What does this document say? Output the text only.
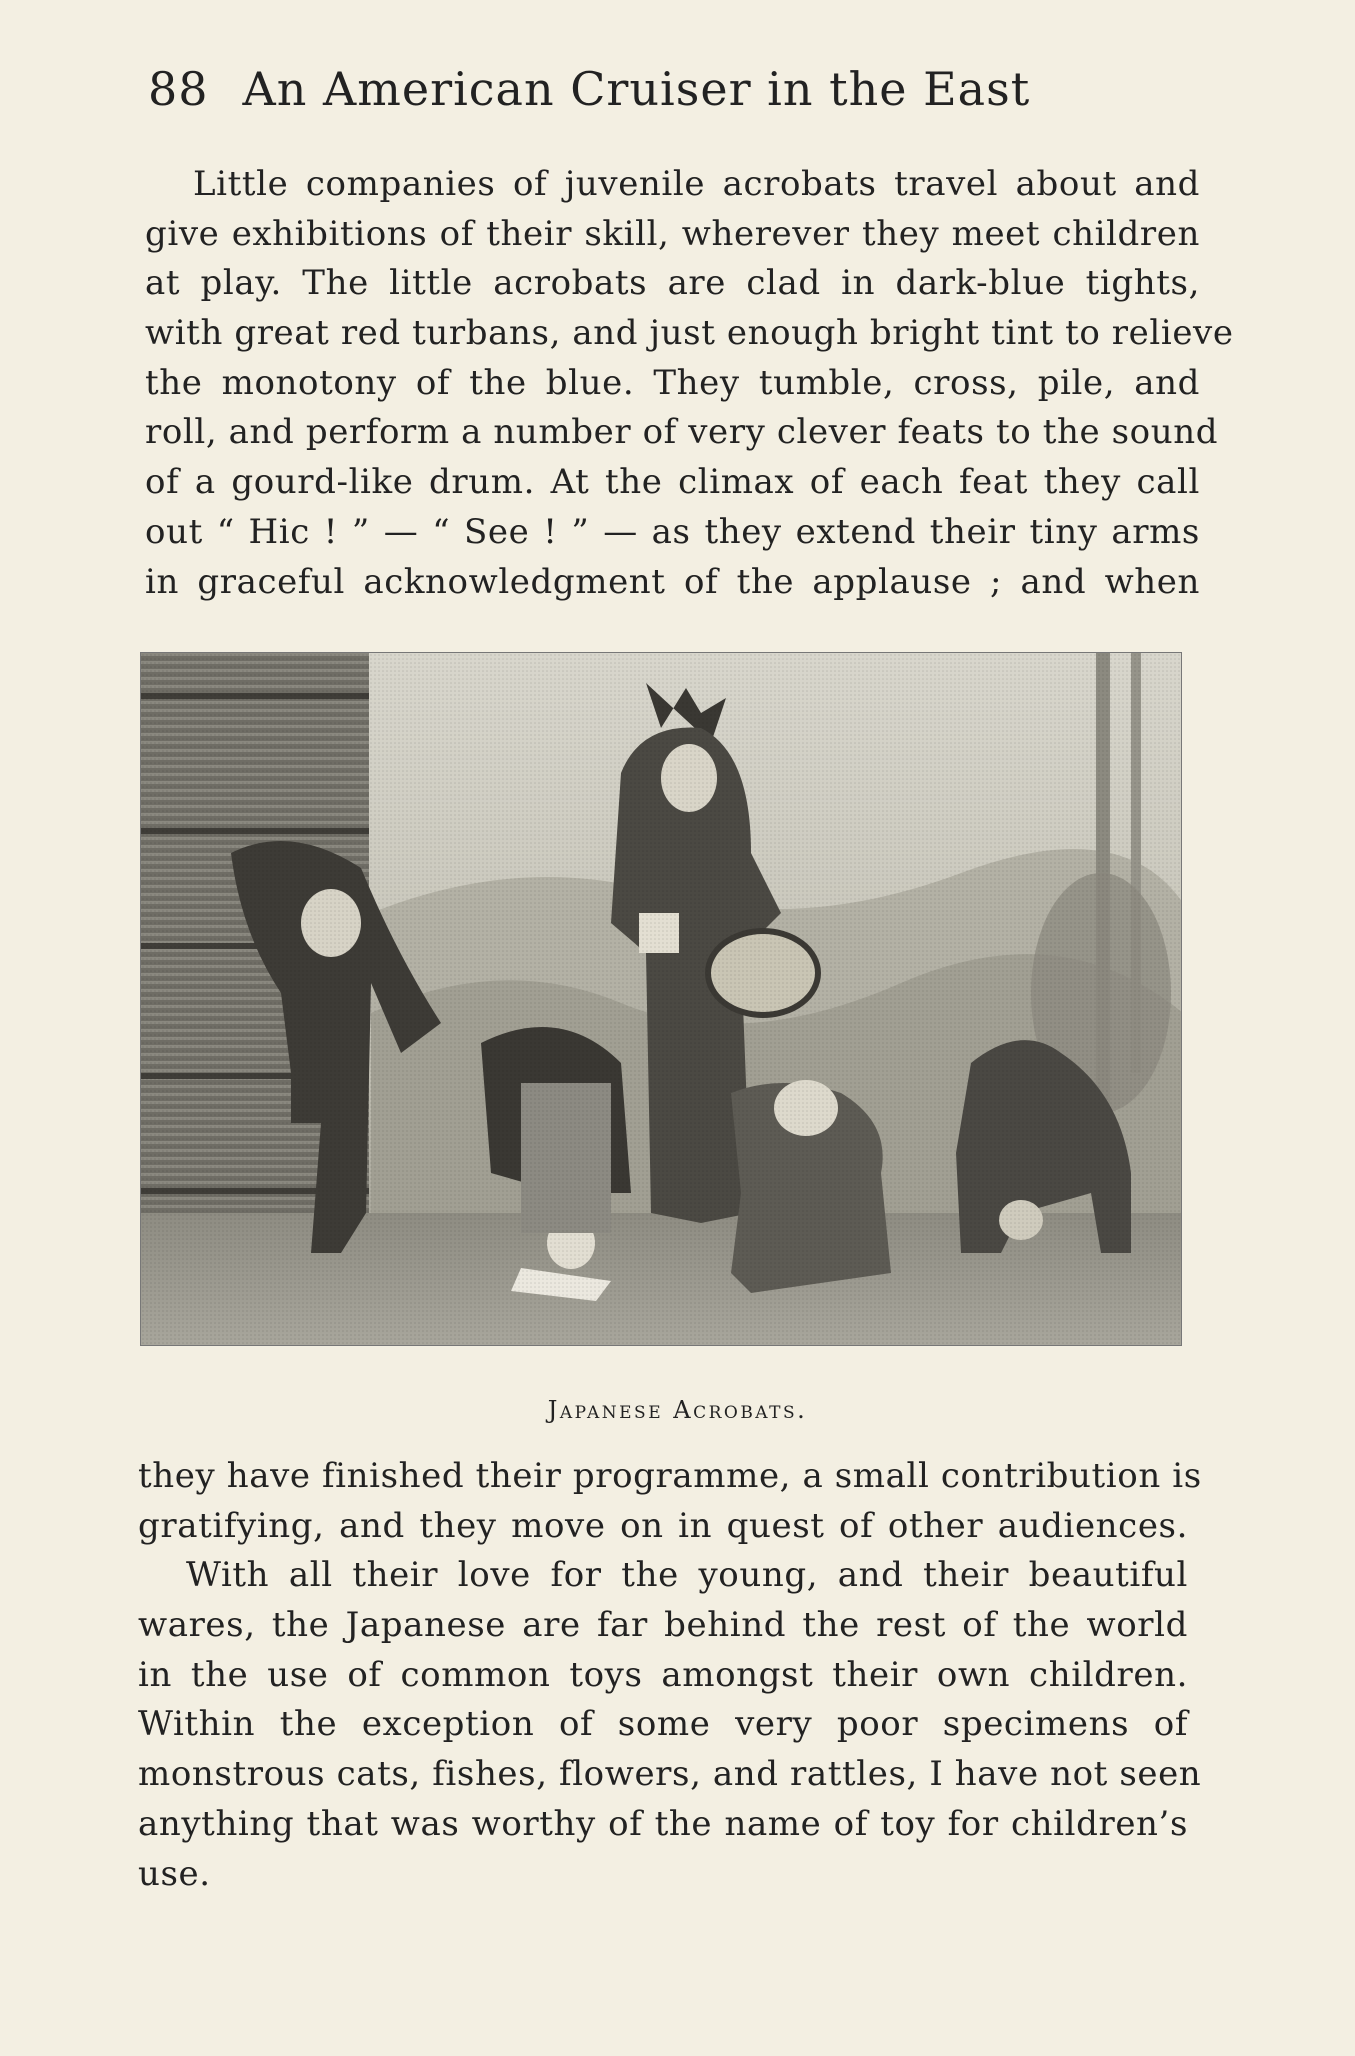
88 An American Cruiser in the East
Little companies of juvenile acrobats travel about and
give exhibitions of their skill, wherever they meet children
at play. The little acrobats are clad in dark-blue tights,
with great red turbans, and just enough bright tint to relieve
the monotony of the blue. They tumble, cross, pile, and
roll, and perform a number of very clever feats to the sound
of a gourd-like drum. At the climax of each feat they call
out “ Hic ! ” — “ See ! ” — as they extend their tiny arms
in graceful acknowledgment of the applause ; and when
Japanese Acrobats.
they have finished their programme, a small contribution is
gratifying, and they move on in quest of other audiences.
With all their love for the young, and their beautiful
wares, the Japanese are far behind the rest of the world
in the use of common toys amongst their own children.
Within the exception of some very poor specimens of
monstrous cats, fishes, flowers, and rattles, I have not seen
anything that was worthy of the name of toy for children’s
use.
